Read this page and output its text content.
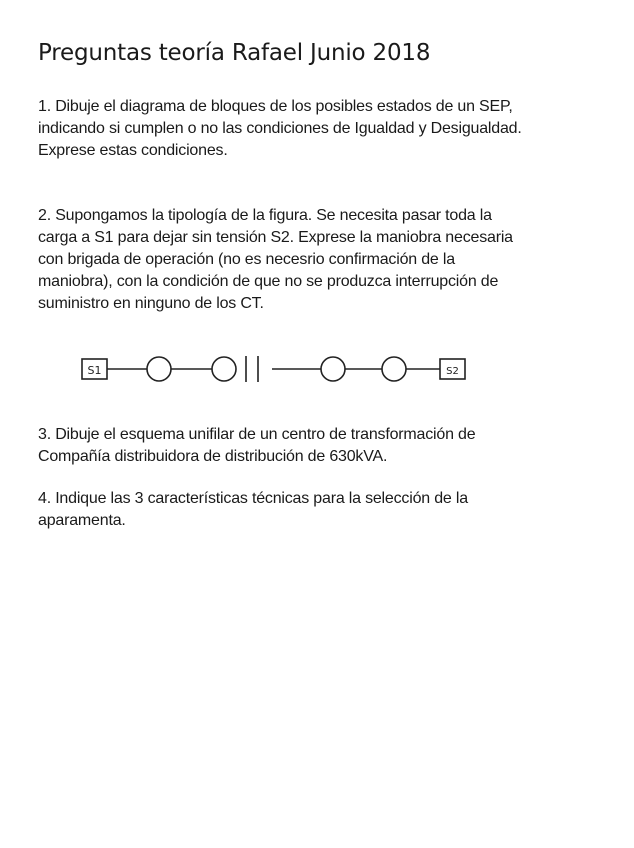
Preguntas teoría Rafael Junio 2018

1. Dibuje el diagrama de bloques de los posibles estados de un SEP,
indicando si cumplen o no las condiciones de Igualdad y Desigualdad.
Exprese estas condiciones.

2. Supongamos la tipología de la figura. Se necesita pasar toda la
carga a S1 para dejar sin tensión S2. Exprese la maniobra necesaria
con brigada de operación (no es necesrio confirmación de la
maniobra), con la condición de que no se produzca interrupción de
suministro en ninguno de los CT.

S1	S2

3. Dibuje el esquema unifilar de un centro de transformación de
Compañía distribuidora de distribución de 630kVA.

4. Indique las 3 características técnicas para la selección de la
aparamenta.
